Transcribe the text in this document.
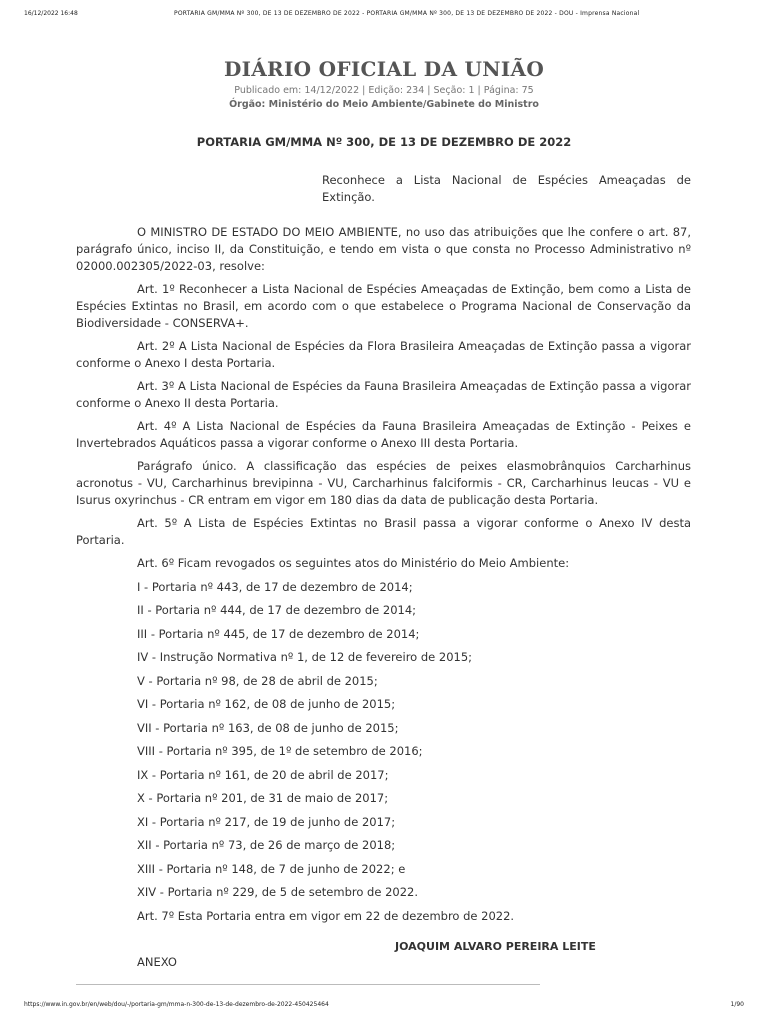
16/12/2022 16:48	PORTARIA GM/MMA Nº 300, DE 13 DE DEZEMBRO DE 2022 - PORTARIA GM/MMA Nº 300, DE 13 DE DEZEMBRO DE 2022 - DOU - Imprensa Nacional
DIÁRIO OFICIAL DA UNIÃO
Publicado em: 14/12/2022 | Edição: 234 | Seção: 1 | Página: 75
Órgão: Ministério do Meio Ambiente/Gabinete do Ministro
PORTARIA GM/MMA Nº 300, DE 13 DE DEZEMBRO DE 2022
Reconhece a Lista Nacional de Espécies Ameaçadas de Extinção.

O MINISTRO DE ESTADO DO MEIO AMBIENTE, no uso das atribuições que lhe confere o art. 87, parágrafo único, inciso II, da Constituição, e tendo em vista o que consta no Processo Administrativo nº 02000.002305/2022-03, resolve:

Art. 1º Reconhecer a Lista Nacional de Espécies Ameaçadas de Extinção, bem como a Lista de Espécies Extintas no Brasil, em acordo com o que estabelece o Programa Nacional de Conservação da Biodiversidade - CONSERVA+.

Art. 2º A Lista Nacional de Espécies da Flora Brasileira Ameaçadas de Extinção passa a vigorar conforme o Anexo I desta Portaria.

Art. 3º A Lista Nacional de Espécies da Fauna Brasileira Ameaçadas de Extinção passa a vigorar conforme o Anexo II desta Portaria.

Art. 4º A Lista Nacional de Espécies da Fauna Brasileira Ameaçadas de Extinção - Peixes e Invertebrados Aquáticos passa a vigorar conforme o Anexo III desta Portaria.

Parágrafo único. A classificação das espécies de peixes elasmobrânquios Carcharhinus acronotus - VU, Carcharhinus brevipinna - VU, Carcharhinus falciformis - CR, Carcharhinus leucas - VU e Isurus oxyrinchus - CR entram em vigor em 180 dias da data de publicação desta Portaria.

Art. 5º A Lista de Espécies Extintas no Brasil passa a vigorar conforme o Anexo IV desta Portaria.

Art. 6º Ficam revogados os seguintes atos do Ministério do Meio Ambiente:
I - Portaria nº 443, de 17 de dezembro de 2014;
II - Portaria nº 444, de 17 de dezembro de 2014;
III - Portaria nº 445, de 17 de dezembro de 2014;
IV - Instrução Normativa nº 1, de 12 de fevereiro de 2015;
V - Portaria nº 98, de 28 de abril de 2015;
VI - Portaria nº 162, de 08 de junho de 2015;
VII - Portaria nº 163, de 08 de junho de 2015;
VIII - Portaria nº 395, de 1º de setembro de 2016;
IX - Portaria nº 161, de 20 de abril de 2017;
X - Portaria nº 201, de 31 de maio de 2017;
XI - Portaria nº 217, de 19 de junho de 2017;
XII - Portaria nº 73, de 26 de março de 2018;
XIII - Portaria nº 148, de 7 de junho de 2022; e
XIV - Portaria nº 229, de 5 de setembro de 2022.
Art. 7º Esta Portaria entra em vigor em 22 de dezembro de 2022.
JOAQUIM ALVARO PEREIRA LEITE
ANEXO
https://www.in.gov.br/en/web/dou/-/portaria-gm/mma-n-300-de-13-de-dezembro-de-2022-450425464	1/90
